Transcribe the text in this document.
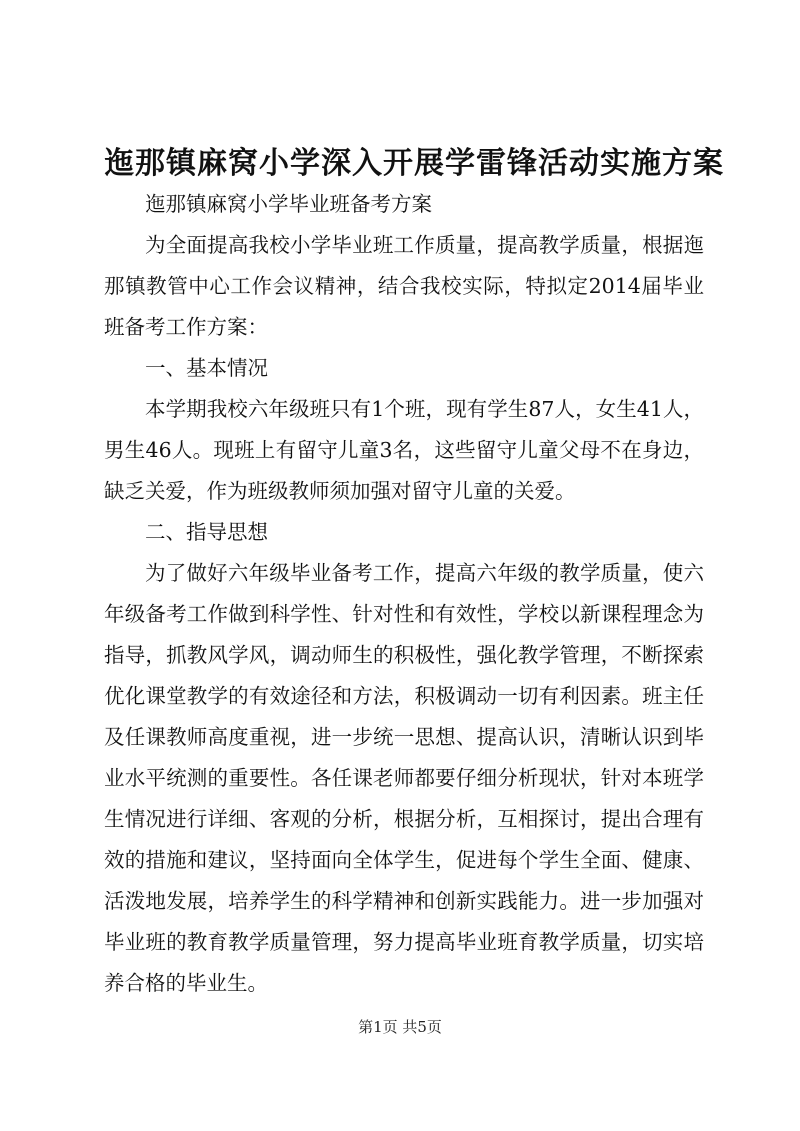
迤那镇麻窝小学深入开展学雷锋活动实施方案

迤那镇麻窝小学毕业班备考方案

为全面提高我校小学毕业班工作质量，提高教学质量，根据迤那镇教管中心工作会议精神，结合我校实际，特拟定2014届毕业班备考工作方案：

一、基本情况

本学期我校六年级班只有1个班，现有学生87人，女生41人，男生46人。现班上有留守儿童3名，这些留守儿童父母不在身边，缺乏关爱，作为班级教师须加强对留守儿童的关爱。

二、指导思想

为了做好六年级毕业备考工作，提高六年级的教学质量，使六年级备考工作做到科学性、针对性和有效性，学校以新课程理念为指导，抓教风学风，调动师生的积极性，强化教学管理，不断探索优化课堂教学的有效途径和方法，积极调动一切有利因素。班主任及任课教师高度重视，进一步统一思想、提高认识，清晰认识到毕业水平统测的重要性。各任课老师都要仔细分析现状，针对本班学生情况进行详细、客观的分析，根据分析，互相探讨，提出合理有效的措施和建议，坚持面向全体学生，促进每个学生全面、健康、活泼地发展，培养学生的科学精神和创新实践能力。进一步加强对毕业班的教育教学质量管理，努力提高毕业班育教学质量，切实培养合格的毕业生。

第1页 共5页
